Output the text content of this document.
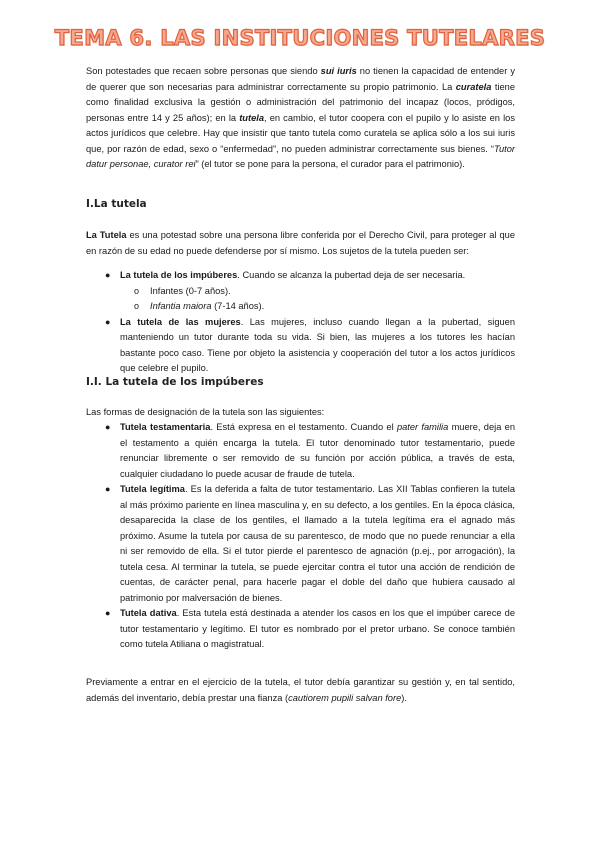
TEMA 6. LAS INSTITUCIONES TUTELARES

Son potestades que recaen sobre personas que siendo sui iuris no tienen la capacidad de entender y de querer que son necesarias para administrar correctamente su propio patrimonio. La curatela tiene como finalidad exclusiva la gestión o administración del patrimonio del incapaz (locos, pródigos, personas entre 14 y 25 años); en la tutela, en cambio, el tutor coopera con el pupilo y lo asiste en los actos jurídicos que celebre. Hay que insistir que tanto tutela como curatela se aplica sólo a los sui iuris que, por razón de edad, sexo o “enfermedad”, no pueden administrar correctamente sus bienes. “Tutor datur personae, curator rei” (el tutor se pone para la persona, el curador para el patrimonio).

I.La tutela

La Tutela es una potestad sobre una persona libre conferida por el Derecho Civil, para proteger al que en razón de su edad no puede defenderse por sí mismo. Los sujetos de la tutela pueden ser:

● La tutela de los impúberes. Cuando se alcanza la pubertad deja de ser necesaria.
o Infantes (0-7 años).
o Infantia maiora (7-14 años).
● La tutela de las mujeres. Las mujeres, incluso cuando llegan a la pubertad, siguen manteniendo un tutor durante toda su vida. Si bien, las mujeres a los tutores les hacían bastante poco caso. Tiene por objeto la asistencia y cooperación del tutor a los actos jurídicos que celebre el pupilo.
I.I. La tutela de los impúberes

Las formas de designación de la tutela son las siguientes:

● Tutela testamentaria. Está expresa en el testamento. Cuando el pater familia muere, deja en el testamento a quién encarga la tutela. El tutor denominado tutor testamentario, puede renunciar libremente o ser removido de su función por acción pública, a través de esta, cualquier ciudadano lo puede acusar de fraude de tutela.
● Tutela legítima. Es la deferida a falta de tutor testamentario. Las XII Tablas confieren la tutela al más próximo pariente en línea masculina y, en su defecto, a los gentiles. En la época clásica, desaparecida la clase de los gentiles, el llamado a la tutela legítima era el agnado más próximo. Asume la tutela por causa de su parentesco, de modo que no puede renunciar a ella ni ser removido de ella. Si el tutor pierde el parentesco de agnación (p.ej., por arrogación), la tutela cesa. Al terminar la tutela, se puede ejercitar contra el tutor una acción de rendición de cuentas, de carácter penal, para hacerle pagar el doble del daño que hubiera causado al patrimonio por malversación de bienes.
● Tutela dativa. Esta tutela está destinada a atender los casos en los que el impúber carece de tutor testamentario y legítimo. El tutor es nombrado por el pretor urbano. Se conoce también como tutela Atiliana o magistratual.

Previamente a entrar en el ejercicio de la tutela, el tutor debía garantizar su gestión y, en tal sentido, además del inventario, debía prestar una fianza (cautiorem pupili salvan fore).
